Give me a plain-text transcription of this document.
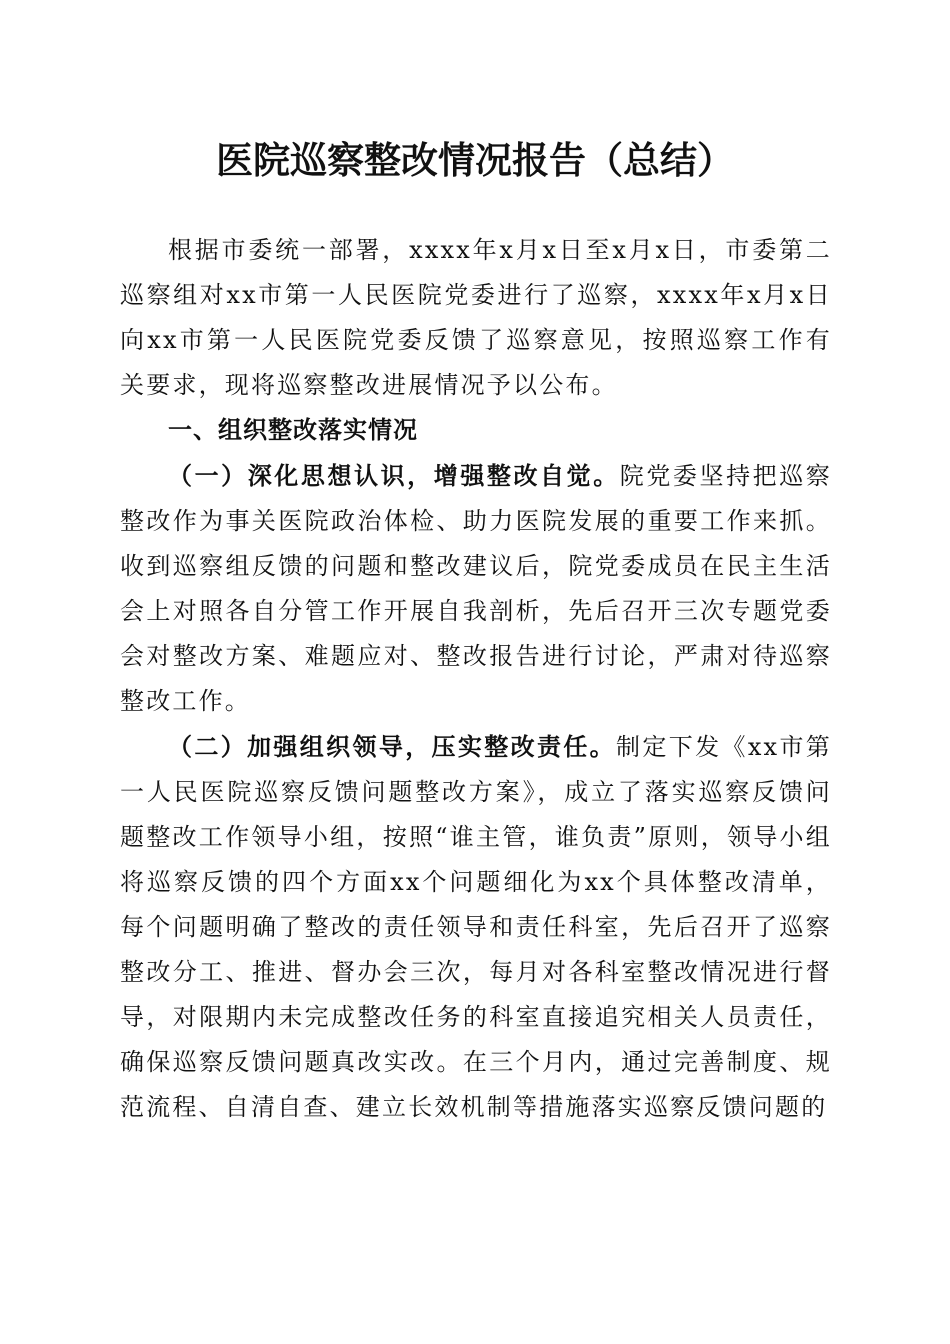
医院巡察整改情况报告（总结）

根据市委统一部署，xxxx年x月x日至x月x日，市委第二巡察组对xx市第一人民医院党委进行了巡察，xxxx年x月x日向xx市第一人民医院党委反馈了巡察意见，按照巡察工作有关要求，现将巡察整改进展情况予以公布。

一、组织整改落实情况

（一）深化思想认识，增强整改自觉。院党委坚持把巡察整改作为事关医院政治体检、助力医院发展的重要工作来抓。收到巡察组反馈的问题和整改建议后，院党委成员在民主生活会上对照各自分管工作开展自我剖析，先后召开三次专题党委会对整改方案、难题应对、整改报告进行讨论，严肃对待巡察整改工作。

（二）加强组织领导，压实整改责任。制定下发《xx市第一人民医院巡察反馈问题整改方案》，成立了落实巡察反馈问题整改工作领导小组，按照“谁主管，谁负责”原则，领导小组将巡察反馈的四个方面xx个问题细化为xx个具体整改清单，每个问题明确了整改的责任领导和责任科室，先后召开了巡察整改分工、推进、督办会三次，每月对各科室整改情况进行督导，对限期内未完成整改任务的科室直接追究相关人员责任，确保巡察反馈问题真改实改。在三个月内，通过完善制度、规范流程、自清自查、建立长效机制等措施落实巡察反馈问题的
